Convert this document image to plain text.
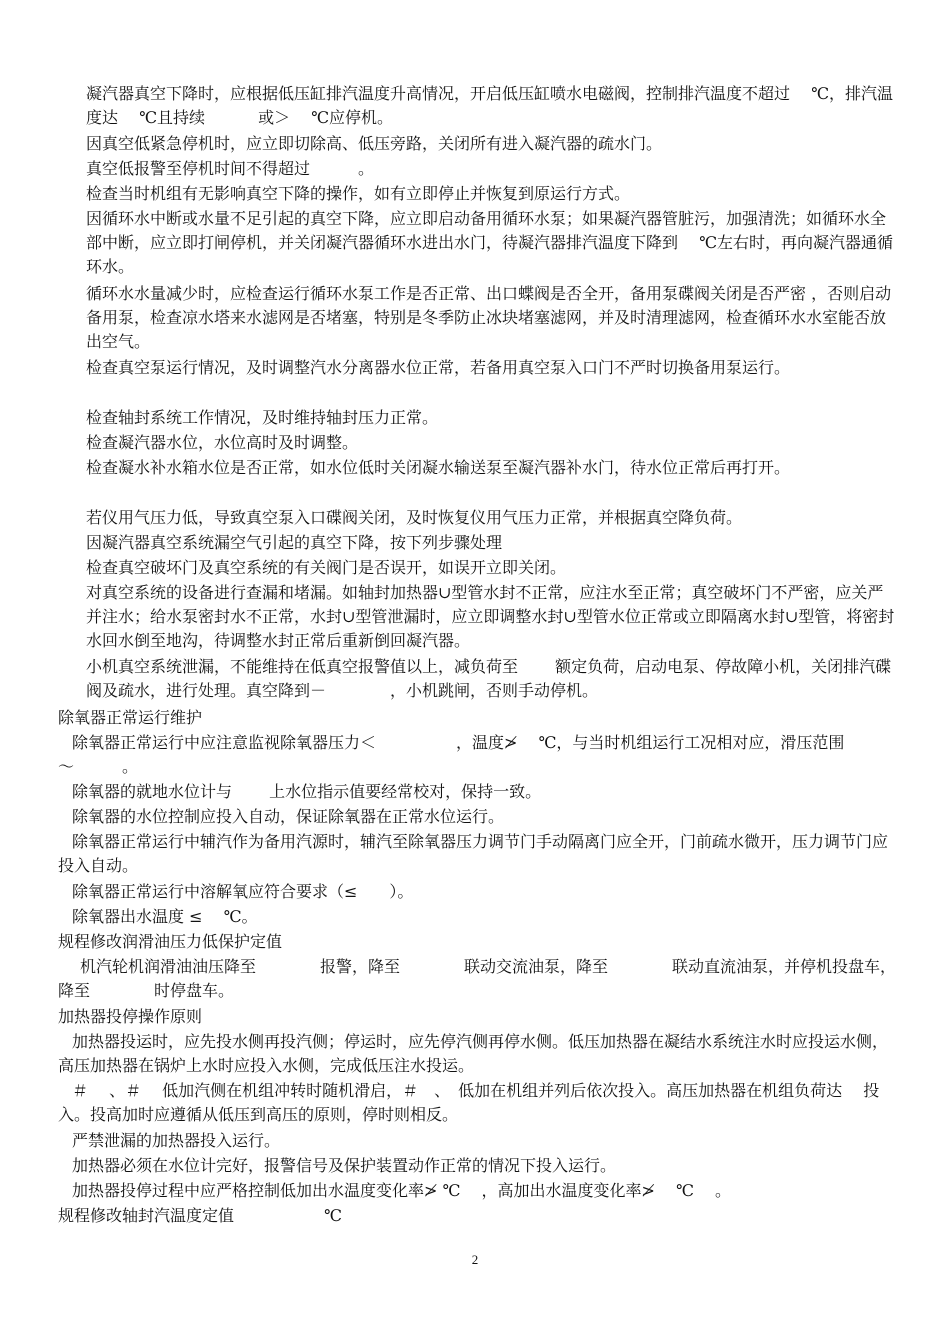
凝汽器真空下降时，应根据低压缸排汽温度升高情况，开启低压缸喷水电磁阀，控制排汽温度不超过　 ℃，排汽温度达　 ℃且持续　　　 或＞　 ℃应停机。

因真空低紧急停机时，应立即切除高、低压旁路，关闭所有进入凝汽器的疏水门。

真空低报警至停机时间不得超过　　　。

检查当时机组有无影响真空下降的操作，如有立即停止并恢复到原运行方式。

因循环水中断或水量不足引起的真空下降，应立即启动备用循环水泵；如果凝汽器管脏污，加强清洗；如循环水全部中断，应立即打闸停机，并关闭凝汽器循环水进出水门，待凝汽器排汽温度下降到　 ℃左右时，再向凝汽器通循环水。

循环水水量减少时，应检查运行循环水泵工作是否正常、出口蝶阀是否全开，备用泵碟阀关闭是否严密 ，否则启动备用泵，检查凉水塔来水滤网是否堵塞，特别是冬季防止冰块堵塞滤网，并及时清理滤网，检查循环水水室能否放出空气。

检查真空泵运行情况，及时调整汽水分离器水位正常，若备用真空泵入口门不严时切换备用泵运行。

检查轴封系统工作情况，及时维持轴封压力正常。

检查凝汽器水位，水位高时及时调整。

检查凝水补水箱水位是否正常，如水位低时关闭凝水输送泵至凝汽器补水门，待水位正常后再打开。

若仪用气压力低，导致真空泵入口碟阀关闭，及时恢复仪用气压力正常，并根据真空降负荷。

因凝汽器真空系统漏空气引起的真空下降，按下列步骤处理

检查真空破坏门及真空系统的有关阀门是否误开，如误开立即关闭。

对真空系统的设备进行查漏和堵漏。如轴封加热器∪型管水封不正常，应注水至正常；真空破坏门不严密，应关严并注水；给水泵密封水不正常，水封∪型管泄漏时，应立即调整水封∪型管水位正常或立即隔离水封∪型管，将密封水回水倒至地沟，待调整水封正常后重新倒回凝汽器。

小机真空系统泄漏，不能维持在低真空报警值以上，减负荷至　　 额定负荷，启动电泵、停故障小机，关闭排汽碟阀及疏水，进行处理。真空降到－　　　　，小机跳闸，否则手动停机。

除氧器正常运行维护

除氧器正常运行中应注意监视除氧器压力＜　　　　　，温度≯　 ℃，与当时机组运行工况相对应，滑压范围　　～　　　。

除氧器的就地水位计与　　 上水位指示值要经常校对，保持一致。

除氧器的水位控制应投入自动，保证除氧器在正常水位运行。

除氧器正常运行中辅汽作为备用汽源时，辅汽至除氧器压力调节门手动隔离门应全开，门前疏水微开，压力调节门应投入自动。

除氧器正常运行中溶解氧应符合要求（≤　　）。

除氧器出水温度 ≤　 ℃。

规程修改润滑油压力低保护定值

机汽轮机润滑油油压降至　　　　报警，降至　　　　联动交流油泵，降至　　　　联动直流油泵，并停机投盘车，降至　　　　时停盘车。

加热器投停操作原则

加热器投运时，应先投水侧再投汽侧；停运时，应先停汽侧再停水侧。低压加热器在凝结水系统注水时应投运水侧，高压加热器在锅炉上水时应投入水侧，完成低压注水投运。

＃　 、＃　 低加汽侧在机组冲转时随机滑启，＃　、　低加在机组并列后依次投入。高压加热器在机组负荷达　 投入。投高加时应遵循从低压到高压的原则，停时则相反。

严禁泄漏的加热器投入运行。

加热器必须在水位计完好，报警信号及保护装置动作正常的情况下投入运行。

加热器投停过程中应严格控制低加出水温度变化率≯ ℃　 ，高加出水温度变化率≯　 ℃　 。

规程修改轴封汽温度定值	℃

2
